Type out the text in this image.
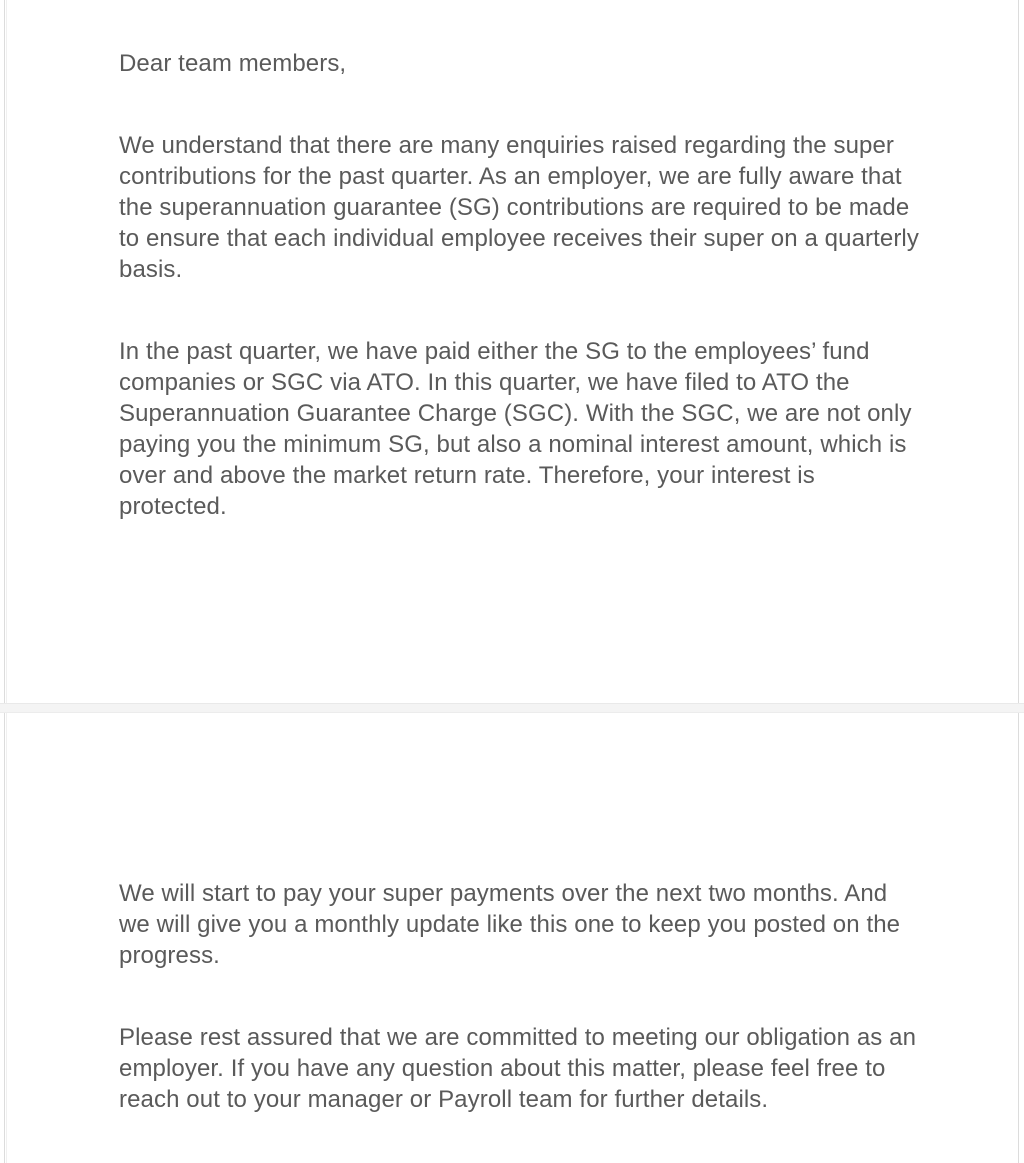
Dear team members,

We understand that there are many enquiries raised regarding the super contributions for the past quarter. As an employer, we are fully aware that the superannuation guarantee (SG) contributions are required to be made to ensure that each individual employee receives their super on a quarterly basis.

In the past quarter, we have paid either the SG to the employees’ fund companies or SGC via ATO. In this quarter, we have filed to ATO the Superannuation Guarantee Charge (SGC). With the SGC, we are not only paying you the minimum SG, but also a nominal interest amount, which is over and above the market return rate. Therefore, your interest is protected.

We will start to pay your super payments over the next two months. And we will give you a monthly update like this one to keep you posted on the progress.

Please rest assured that we are committed to meeting our obligation as an employer. If you have any question about this matter, please feel free to reach out to your manager or Payroll team for further details.
